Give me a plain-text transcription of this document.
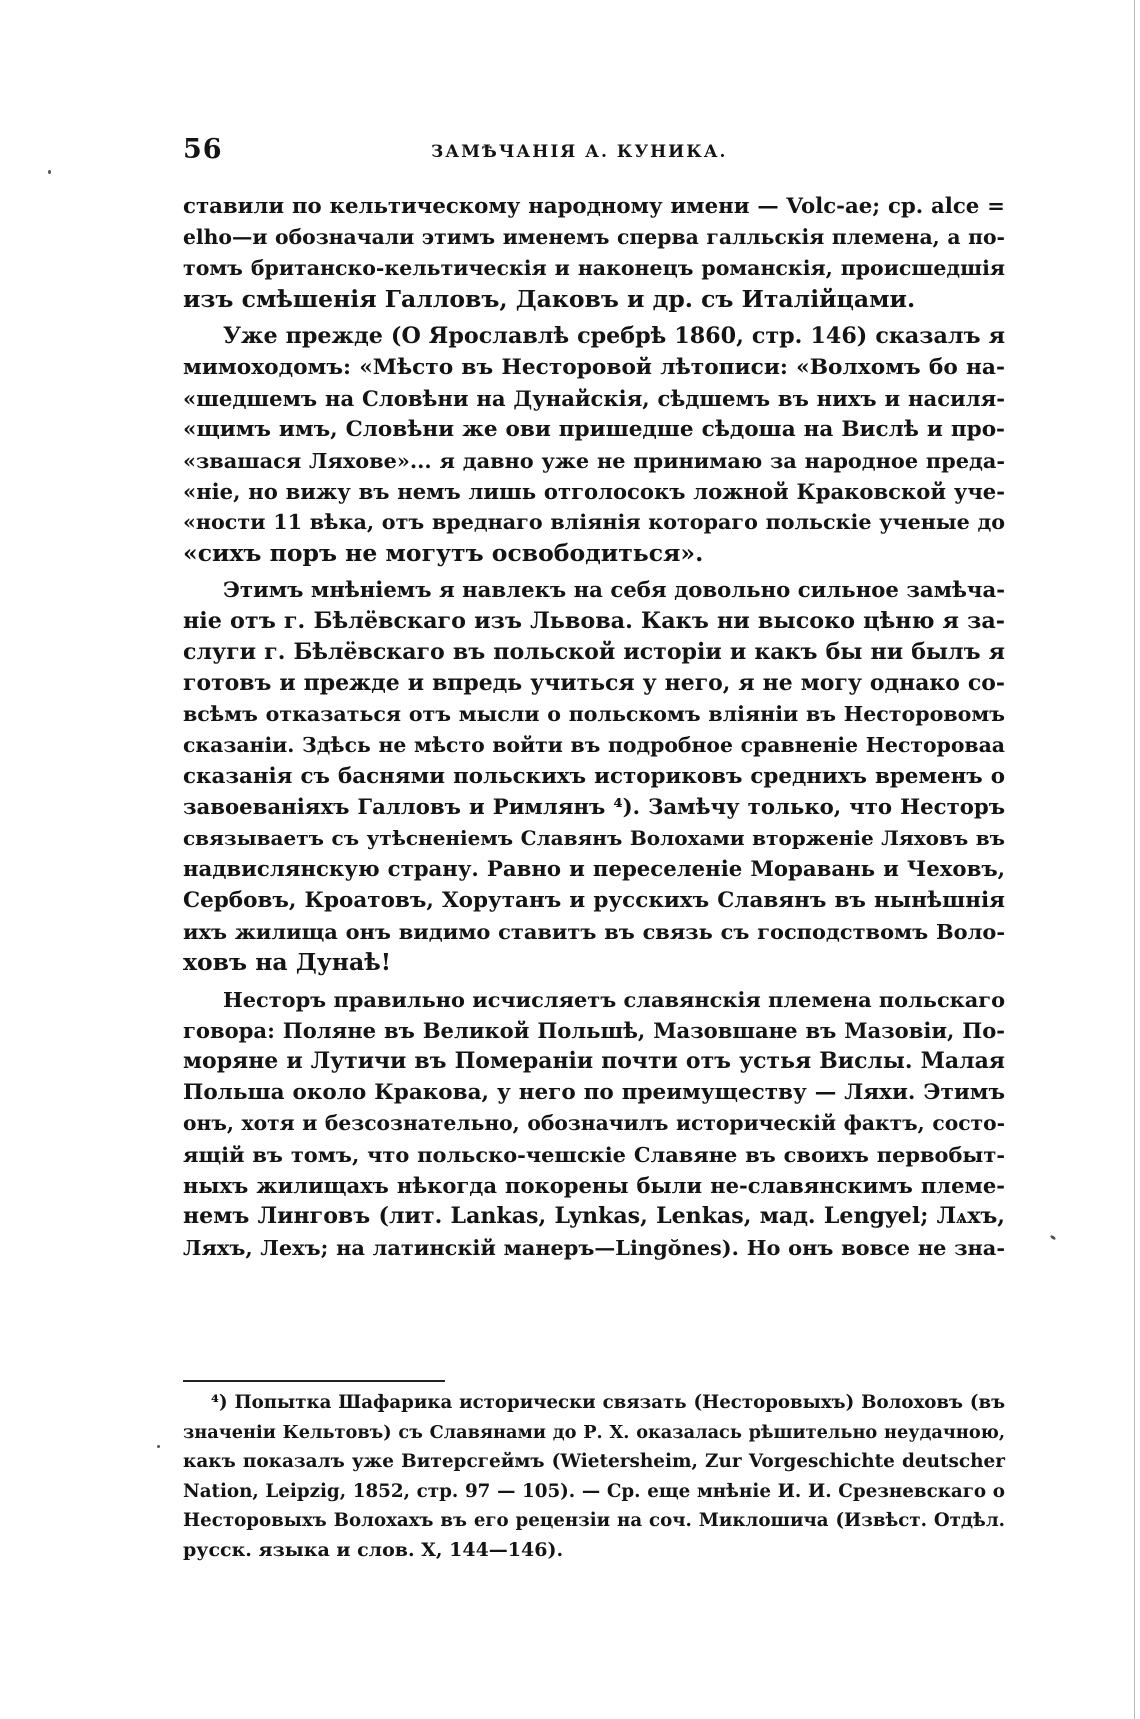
56	ЗАМѢЧАНІЯ А. КУНИКА.

ставили по кельтическому народному имени — Volc-ae; ср. alce =
elho—и обозначали этимъ именемъ сперва галльскія племена, а по-
томъ британско-кельтическія и наконецъ романскія, происшедшія
изъ смѣшенія Галловъ, Даковъ и др. съ Италійцами.

Уже прежде (О Ярославлѣ сребрѣ 1860, стр. 146) сказалъ я
мимоходомъ: «Мѣсто въ Несторовой лѣтописи: «Волхомъ бо на-
«шедшемъ на Словѣни на Дунайскія, сѣдшемъ въ нихъ и насиля-
«щимъ имъ, Словѣни же ови пришедше сѣдоша на Вислѣ и про-
«звашася Ляхове»... я давно уже не принимаю за народное преда-
«ніе, но вижу въ немъ лишь отголосокъ ложной Краковской уче-
«ности 11 вѣка, отъ вреднаго вліянія котораго польскіе ученые до
«сихъ поръ не могутъ освободиться».

Этимъ мнѣніемъ я навлекъ на себя довольно сильное замѣча-
ніе отъ г. Бѣлёвскаго изъ Львова. Какъ ни высоко цѣню я за-
слуги г. Бѣлёвскаго въ польской исторіи и какъ бы ни былъ я
готовъ и прежде и впредь учиться у него, я не могу однако со-
всѣмъ отказаться отъ мысли о польскомъ вліяніи въ Несторовомъ
сказаніи. Здѣсь не мѣсто войти въ подробное сравненіе Нестороваа
сказанія съ баснями польскихъ историковъ среднихъ временъ о
завоеваніяхъ Галловъ и Римлянъ ⁴). Замѣчу только, что Несторъ
связываетъ съ утѣсненіемъ Славянъ Волохами вторженіе Ляховъ въ
надвислянскую страну. Равно и переселеніе Моравань и Чеховъ,
Сербовъ, Кроатовъ, Хорутанъ и русскихъ Славянъ въ нынѣшнія
ихъ жилища онъ видимо ставитъ въ связь съ господствомъ Воло-
ховъ на Дунаѣ!

Несторъ правильно исчисляетъ славянскія племена польскаго
говора: Поляне въ Великой Польшѣ, Мазовшане въ Мазовіи, По-
моряне и Лутичи въ Помераніи почти отъ устья Вислы. Малая
Польша около Кракова, у него по преимуществу — Ляхи. Этимъ
онъ, хотя и безсознательно, обозначилъ историческій фактъ, состо-
ящій въ томъ, что польско-чешскіе Славяне въ своихъ первобыт-
ныхъ жилищахъ нѣкогда покорены были не-славянскимъ племе-
немъ Лингoвъ (лит. Lankas, Lynkas, Lenkas, мад. Lengyel; Лѧхъ,
Ляхъ, Лехъ; на латинскій манеръ—Lingŏnes). Но онъ вовсе не зна-

⁴) Попытка Шафарика исторически связать (Несторовыхъ) Волоховъ (въ
значеніи Кельтовъ) съ Славянами до Р. Х. оказалась рѣшительно неудачною,
какъ показалъ уже Витерсгеймъ (Wietersheim, Zur Vorgeschichte deutscher
Nation, Leipzig, 1852, стр. 97 — 105). — Ср. еще мнѣніе И. И. Срезневскаго о
Несторовыхъ Волохахъ въ его рецензіи на соч. Миклошича (Извѣст. Отдѣл.
русск. языка и слов. X, 144—146).
